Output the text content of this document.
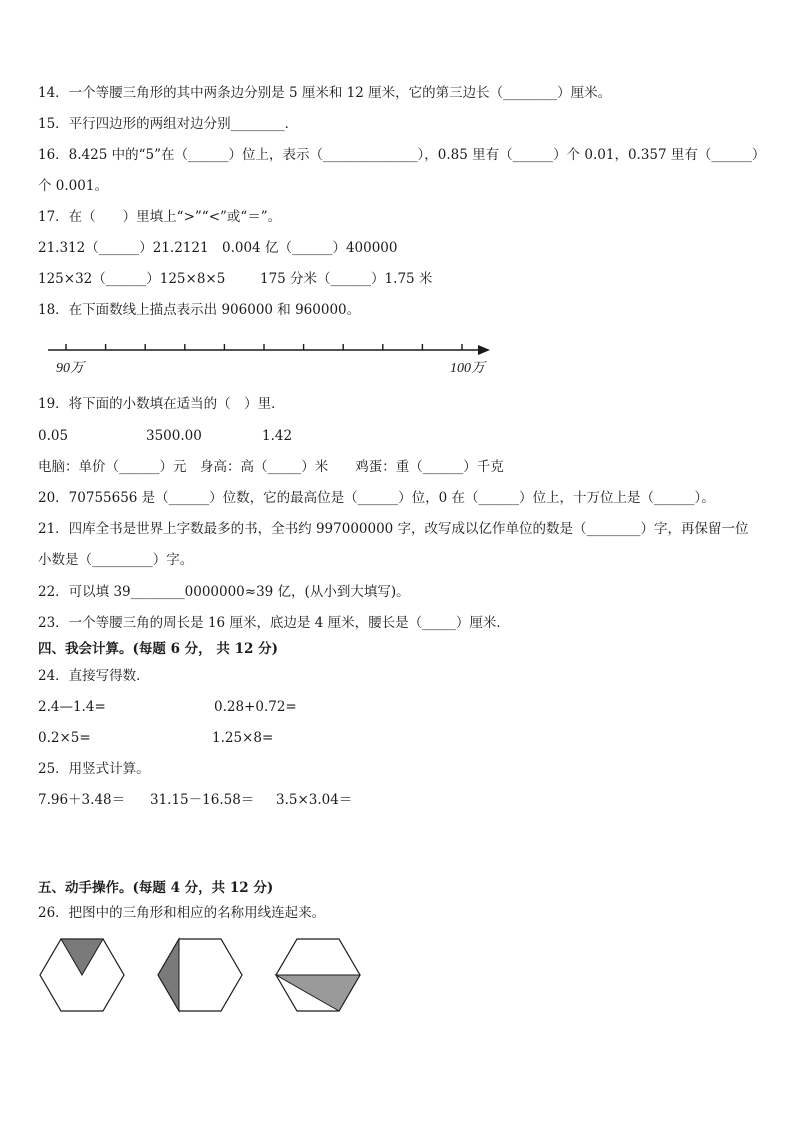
14．一个等腰三角形的其中两条边分别是 5 厘米和 12 厘米，它的第三边长（________）厘米。
15．平行四边形的两组对边分别________．
16．8.425 中的“5”在（______）位上，表示（______________），0.85 里有（______）个 0.01，0.357 里有（______）
个 0.001。
17．在（　　）里填上“>”“<”或“＝”。
21.312（______）21.2121 0.004 亿（______）400000
125×32（______）125×8×5	175 分米（______）1.75 米
18．在下面数线上描点表示出 906000 和 960000。
90万	100万
19．将下面的小数填在适当的（　）里．
0.05	3500.00	1.42
电脑：单价（______）元　身高：高（_____）米　　鸡蛋：重（______）千克
20．70755656 是（______）位数，它的最高位是（______）位，0 在（______）位上，十万位上是（______）。
21．四库全书是世界上字数最多的书，全书约 997000000 字，改写成以亿作单位的数是（________）字，再保留一位
小数是（_________）字。
22．可以填 39________0000000≈39 亿，(从小到大填写)。
23．一个等腰三角的周长是 16 厘米，底边是 4 厘米，腰长是（_____）厘米．
四、我会计算。(每题 6 分， 共 12 分)
24．直接写得数．
2.4—1.4=	0.28+0.72=
0.2×5=	1.25×8=
25．用竖式计算。
7.96＋3.48＝ 31.15－16.58＝ 3.5×3.04＝
五、动手操作。(每题 4 分，共 12 分)
26．把图中的三角形和相应的名称用线连起来。
